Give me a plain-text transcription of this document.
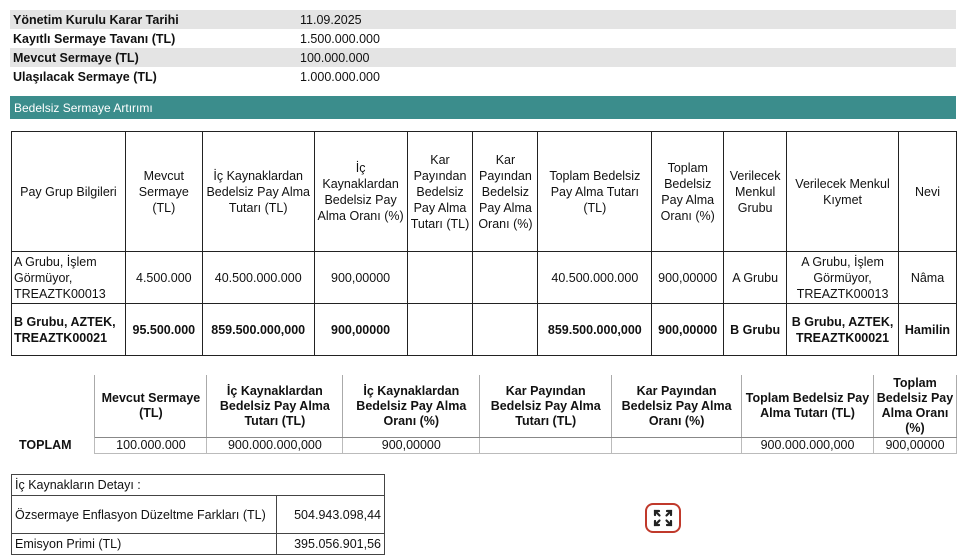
Yönetim Kurulu Karar Tarihi	11.09.2025
Kayıtlı Sermaye Tavanı (TL)	1.500.000.000
Mevcut Sermaye (TL)	100.000.000
Ulaşılacak Sermaye (TL)	1.000.000.000
Bedelsiz Sermaye Artırımı
Pay Grup Bilgileri	Mevcut Sermaye (TL)	İç Kaynaklardan Bedelsiz Pay Alma Tutarı (TL)	İç Kaynaklardan Bedelsiz Pay Alma Oranı (%)	Kar Payından Bedelsiz Pay Alma Tutarı (TL)	Kar Payından Bedelsiz Pay Alma Oranı (%)	Toplam Bedelsiz Pay Alma Tutarı (TL)	Toplam Bedelsiz Pay Alma Oranı (%)	Verilecek Menkul Grubu	Verilecek Menkul Kıymet	Nevi
A Grubu, İşlem Görmüyor, TREAZTK00013	4.500.000	40.500.000.000	900,00000			40.500.000.000	900,00000	A Grubu	A Grubu, İşlem Görmüyor, TREAZTK00013	Nâma
B Grubu, AZTEK, TREAZTK00021	95.500.000	859.500.000,000	900,00000			859.500.000,000	900,00000	B Grubu	B Grubu, AZTEK, TREAZTK00021	Hamilin
	Mevcut Sermaye (TL)	İç Kaynaklardan Bedelsiz Pay Alma Tutarı (TL)	İç Kaynaklardan Bedelsiz Pay Alma Oranı (%)	Kar Payından Bedelsiz Pay Alma Tutarı (TL)	Kar Payından Bedelsiz Pay Alma Oranı (%)	Toplam Bedelsiz Pay Alma Tutarı (TL)	Toplam Bedelsiz Pay Alma Oranı (%)
TOPLAM	100.000.000	900.000.000,000	900,00000			900.000.000,000	900,00000
İç Kaynakların Detayı :	
Özsermaye Enflasyon Düzeltme Farkları (TL)	504.943.098,44
Emisyon Primi (TL)	395.056.901,56
